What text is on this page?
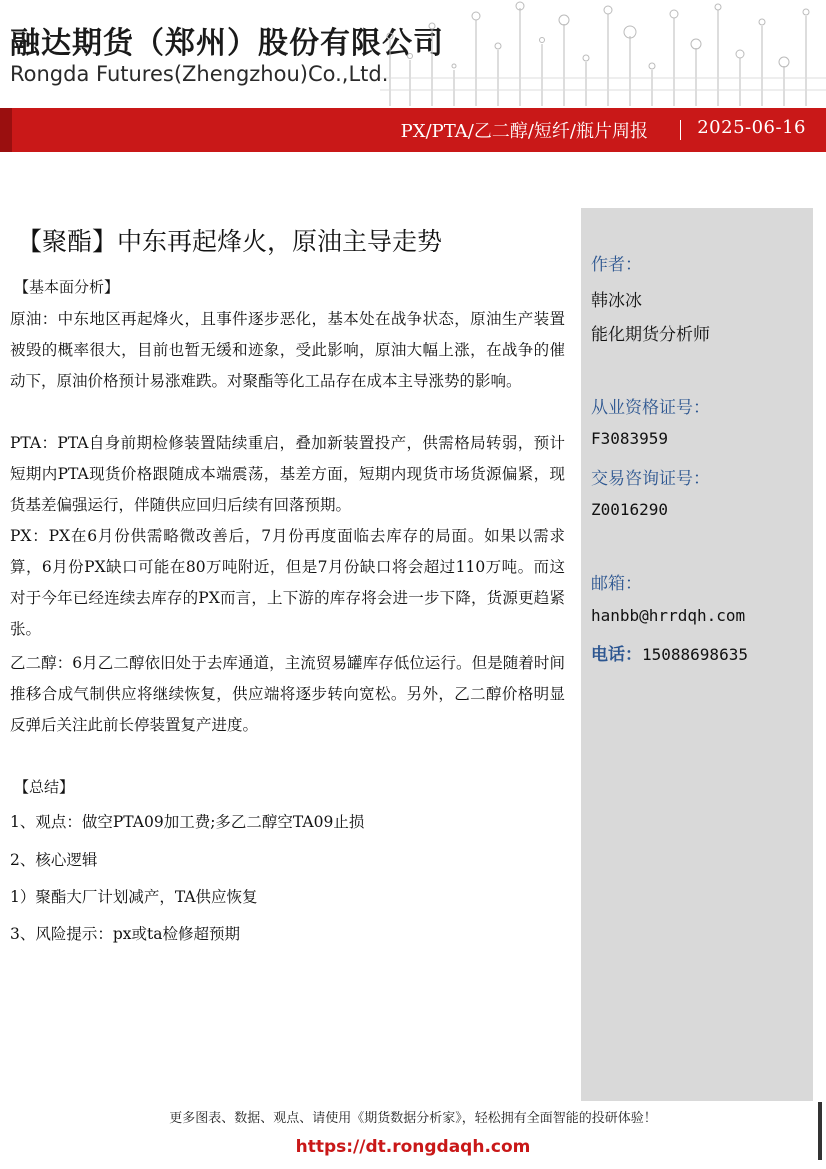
融达期货（郑州）股份有限公司
Rongda Futures(Zhengzhou)Co.,Ltd.
PX/PTA/乙二醇/短纤/瓶片周报	2025-06-16
作者：
韩冰冰
能化期货分析师
从业资格证号：
F3083959
交易咨询证号：
Z0016290
邮箱：
hanbb@hrrdqh.com
电话：15088698635
【聚酯】中东再起烽火，原油主导走势
【基本面分析】
原油：中东地区再起烽火，且事件逐步恶化，基本处在战争状态，原油生产装置被毁的概率很大，目前也暂无缓和迹象，受此影响，原油大幅上涨，在战争的催动下，原油价格预计易涨难跌。对聚酯等化工品存在成本主导涨势的影响。
PTA：PTA自身前期检修装置陆续重启，叠加新装置投产，供需格局转弱，预计短期内PTA现货价格跟随成本端震荡，基差方面，短期内现货市场货源偏紧，现货基差偏强运行，伴随供应回归后续有回落预期。
PX：PX在6月份供需略微改善后，7月份再度面临去库存的局面。如果以需求算，6月份PX缺口可能在80万吨附近，但是7月份缺口将会超过110万吨。而这对于今年已经连续去库存的PX而言，上下游的库存将会进一步下降，货源更趋紧张。
乙二醇：6月乙二醇依旧处于去库通道，主流贸易罐库存低位运行。但是随着时间推移合成气制供应将继续恢复，供应端将逐步转向宽松。另外，乙二醇价格明显反弹后关注此前长停装置复产进度。
【总结】
1、观点：做空PTA09加工费;多乙二醇空TA09止损
2、核心逻辑
1）聚酯大厂计划减产，TA供应恢复
3、风险提示：px或ta检修超预期
更多图表、数据、观点、请使用《期货数据分析家》，轻松拥有全面智能的投研体验！
https://dt.rongdaqh.com
